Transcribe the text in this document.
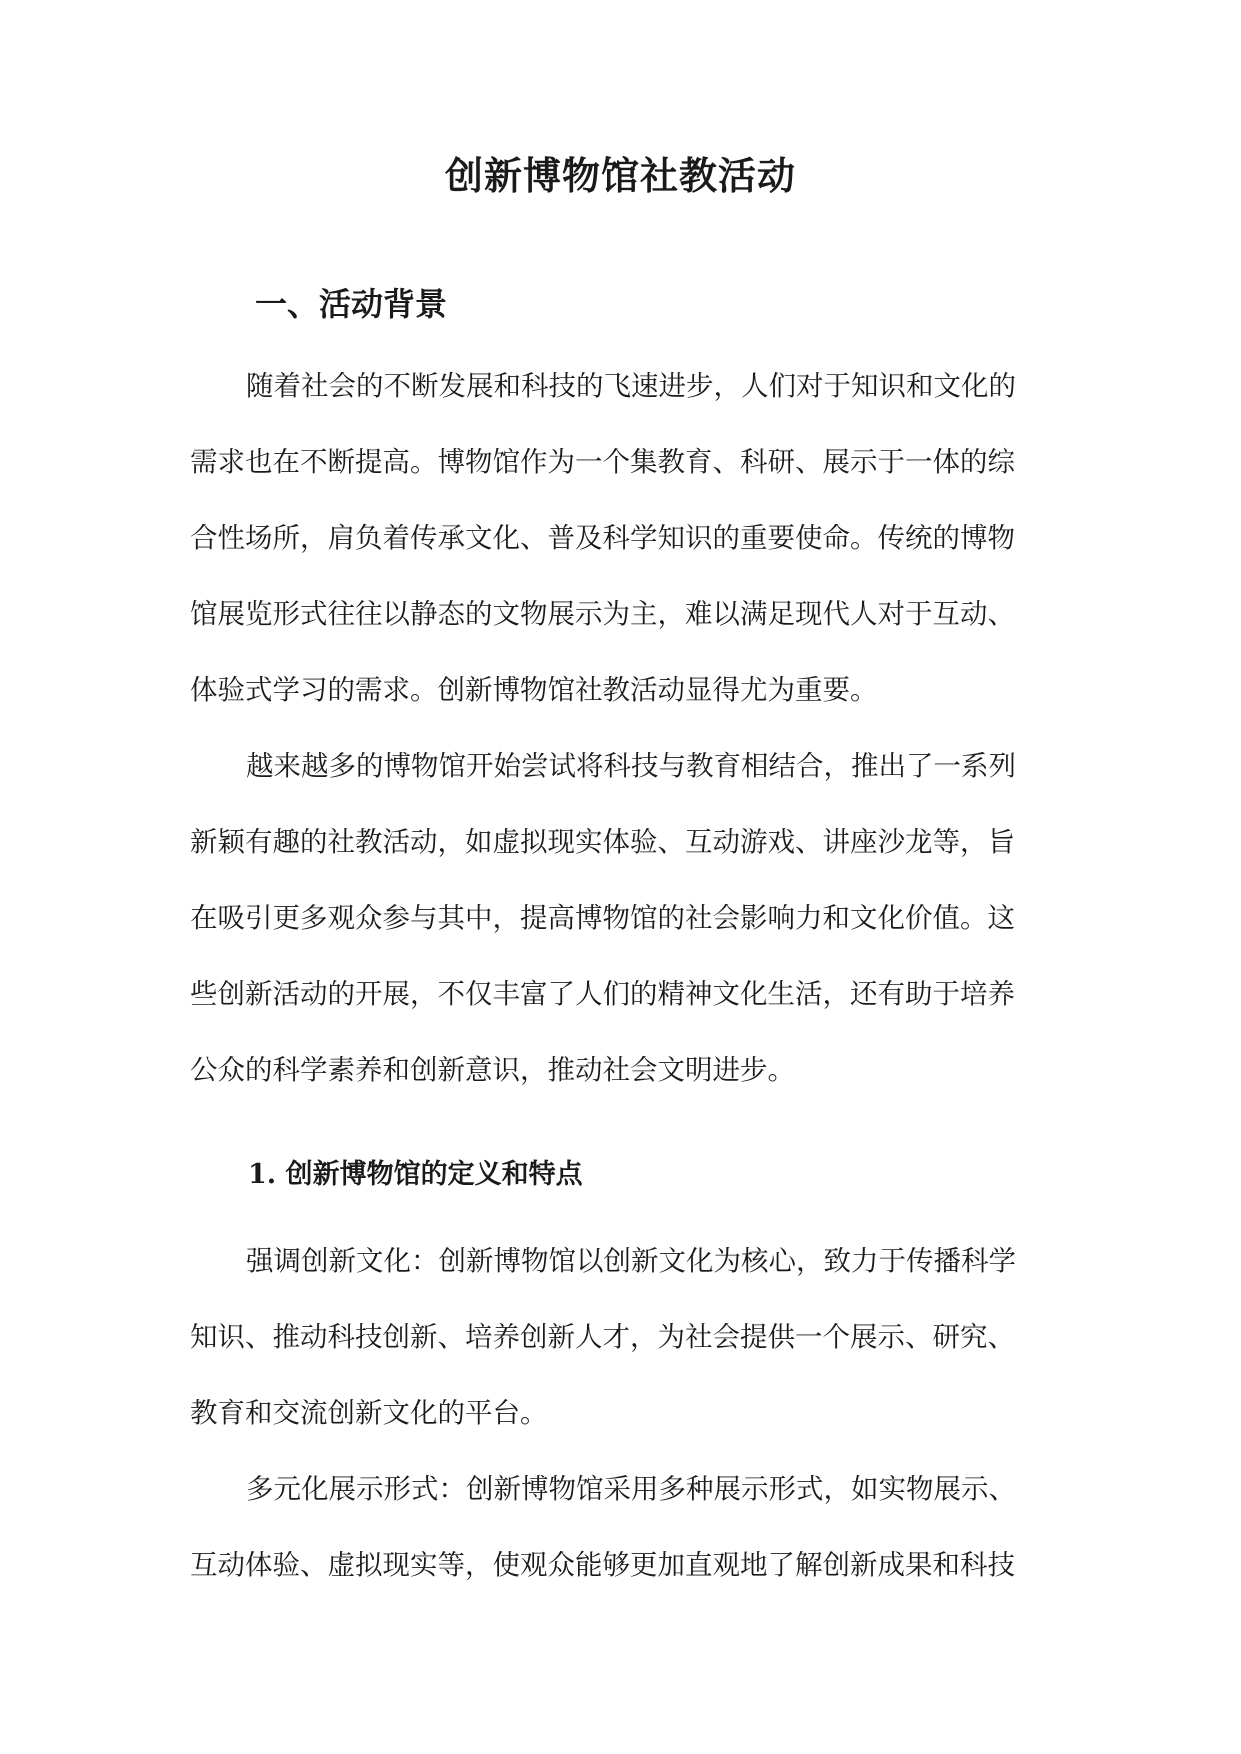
创新博物馆社教活动
一、活动背景
随着社会的不断发展和科技的飞速进步，人们对于知识和文化的
需求也在不断提高。博物馆作为一个集教育、科研、展示于一体的综
合性场所，肩负着传承文化、普及科学知识的重要使命。传统的博物
馆展览形式往往以静态的文物展示为主，难以满足现代人对于互动、
体验式学习的需求。创新博物馆社教活动显得尤为重要。
越来越多的博物馆开始尝试将科技与教育相结合，推出了一系列
新颖有趣的社教活动，如虚拟现实体验、互动游戏、讲座沙龙等，旨
在吸引更多观众参与其中，提高博物馆的社会影响力和文化价值。这
些创新活动的开展，不仅丰富了人们的精神文化生活，还有助于培养
公众的科学素养和创新意识，推动社会文明进步。
1. 创新博物馆的定义和特点
强调创新文化：创新博物馆以创新文化为核心，致力于传播科学
知识、推动科技创新、培养创新人才，为社会提供一个展示、研究、
教育和交流创新文化的平台。
多元化展示形式：创新博物馆采用多种展示形式，如实物展示、
互动体验、虚拟现实等，使观众能够更加直观地了解创新成果和科技
